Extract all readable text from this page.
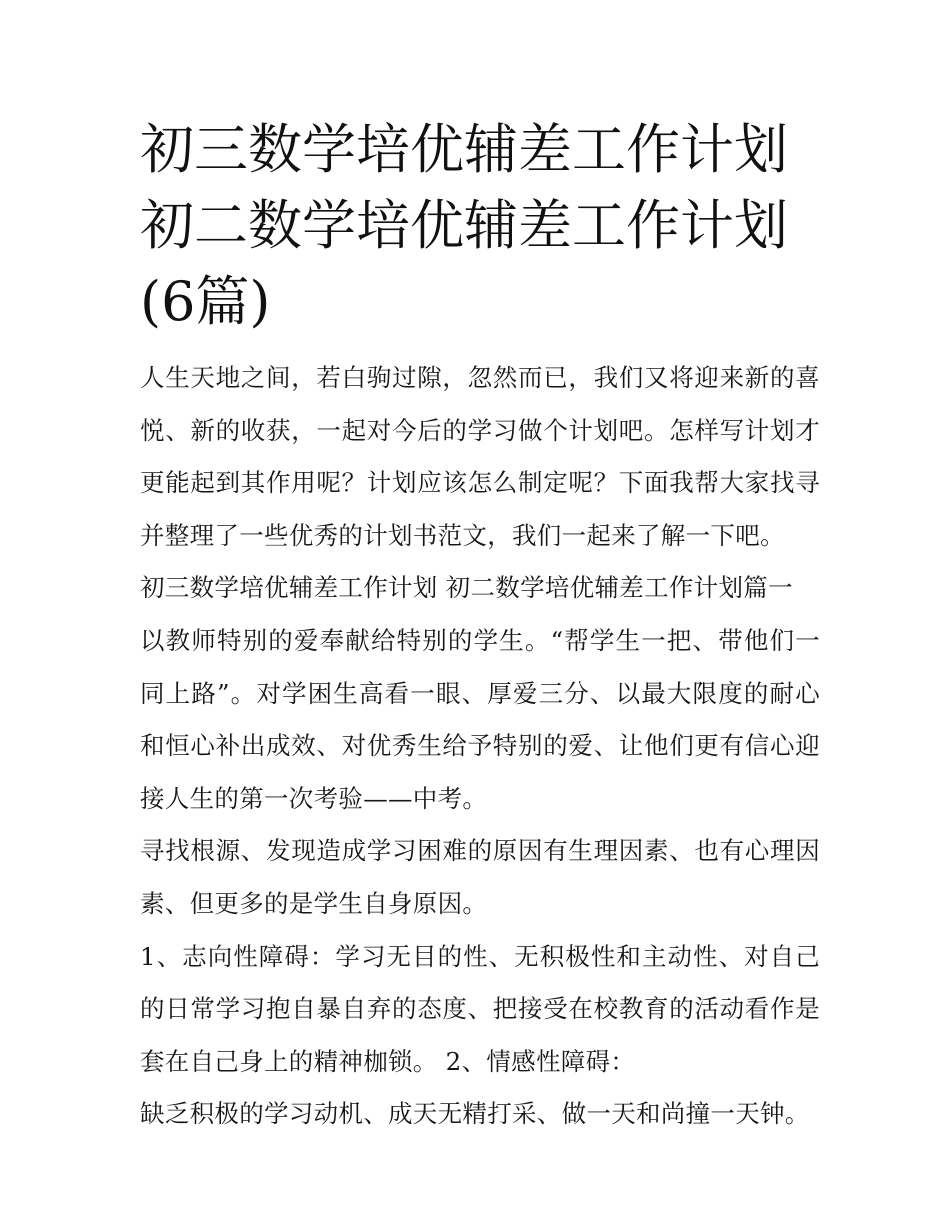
初三数学培优辅差工作计划 初二数学培优辅差工作计划(6篇)

人生天地之间，若白驹过隙，忽然而已，我们又将迎来新的喜悦、新的收获，一起对今后的学习做个计划吧。怎样写计划才更能起到其作用呢？计划应该怎么制定呢？下面我帮大家找寻并整理了一些优秀的计划书范文，我们一起来了解一下吧。

初三数学培优辅差工作计划 初二数学培优辅差工作计划篇一

以教师特别的爱奉献给特别的学生。“帮学生一把、带他们一同上路”。对学困生高看一眼、厚爱三分、以最大限度的耐心和恒心补出成效、对优秀生给予特别的爱、让他们更有信心迎接人生的第一次考验——中考。

寻找根源、发现造成学习困难的原因有生理因素、也有心理因素、但更多的是学生自身原因。

1、志向性障碍：学习无目的性、无积极性和主动性、对自己的日常学习抱自暴自弃的态度、把接受在校教育的活动看作是套在自己身上的精神枷锁。 2、情感性障碍：

缺乏积极的学习动机、成天无精打采、做一天和尚撞一天钟。
